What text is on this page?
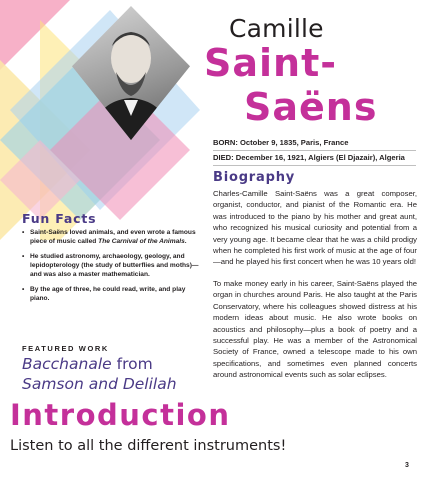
Camille
Saint-
Saëns
BORN: October 9, 1835, Paris, France
DIED: December 16, 1921, Algiers (El Djazair), Algeria
Biography
Charles-Camille Saint-Saëns was a great composer, organist, conductor, and pianist of the Romantic era. He was introduced to the piano by his mother and great aunt, who recognized his musical curiosity and potential from a very young age. It became clear that he was a child prodigy when he completed his first work of music at the age of four—and he played his first concert when he was 10 years old!
To make money early in his career, Saint-Saëns played the organ in churches around Paris. He also taught at the Paris Conservatory, where his colleagues showed distress at his modern ideas about music. He also wrote books on acoustics and philosophy—plus a book of poetry and a successful play. He was a member of the Astronomical Society of France, owned a telescope made to his own specifications, and sometimes even planned concerts around astronomical events such as solar eclipses.
Fun Facts
• Saint-Saëns loved animals, and even wrote a famous piece of music called The Carnival of the Animals.
• He studied astronomy, archaeology, geology, and lepidopterology (the study of butterflies and moths)—and was also a master mathematician.
• By the age of three, he could read, write, and play piano.
FEATURED WORK
Bacchanale from
Samson and Delilah
Introduction
Listen to all the different instruments!
3
